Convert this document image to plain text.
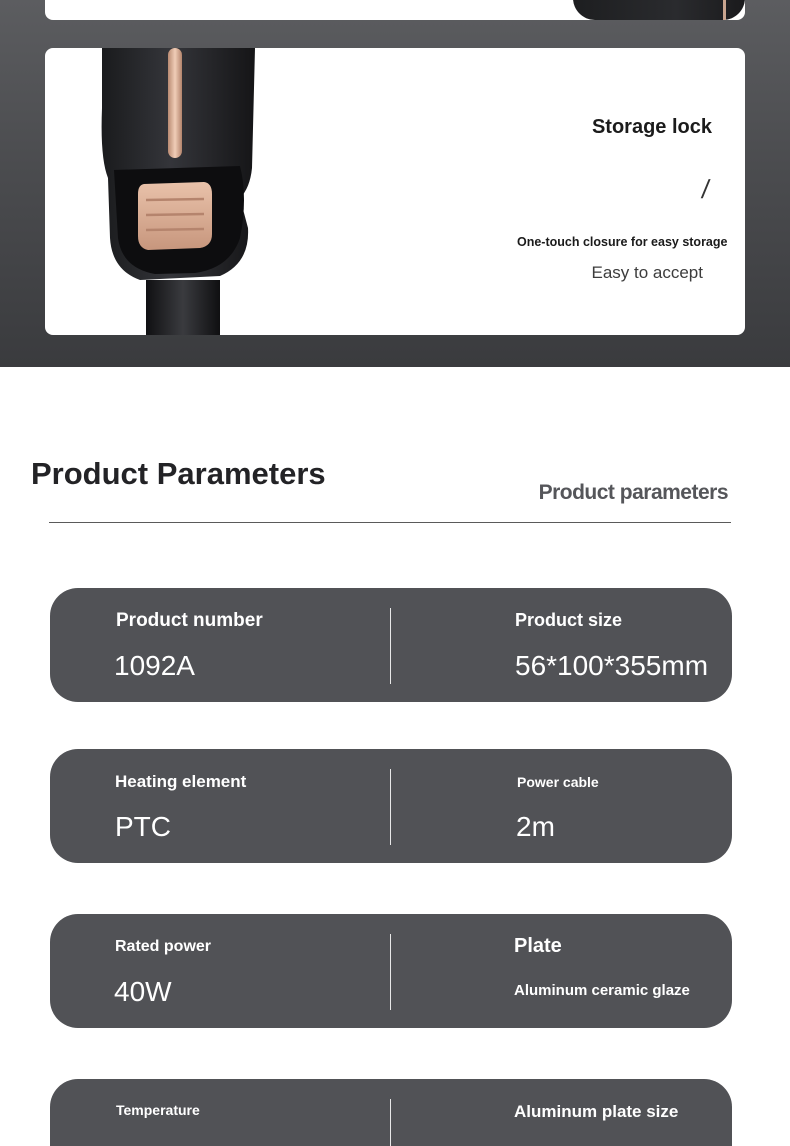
Storage lock
/
One-touch closure for easy storage
Easy to accept
Product Parameters
Product parameters
Product number
1092A
Product size
56*100*355mm
Heating element
PTC
Power cable
2m
Rated power
40W
Plate
Aluminum ceramic glaze
Temperature	Aluminum plate size
